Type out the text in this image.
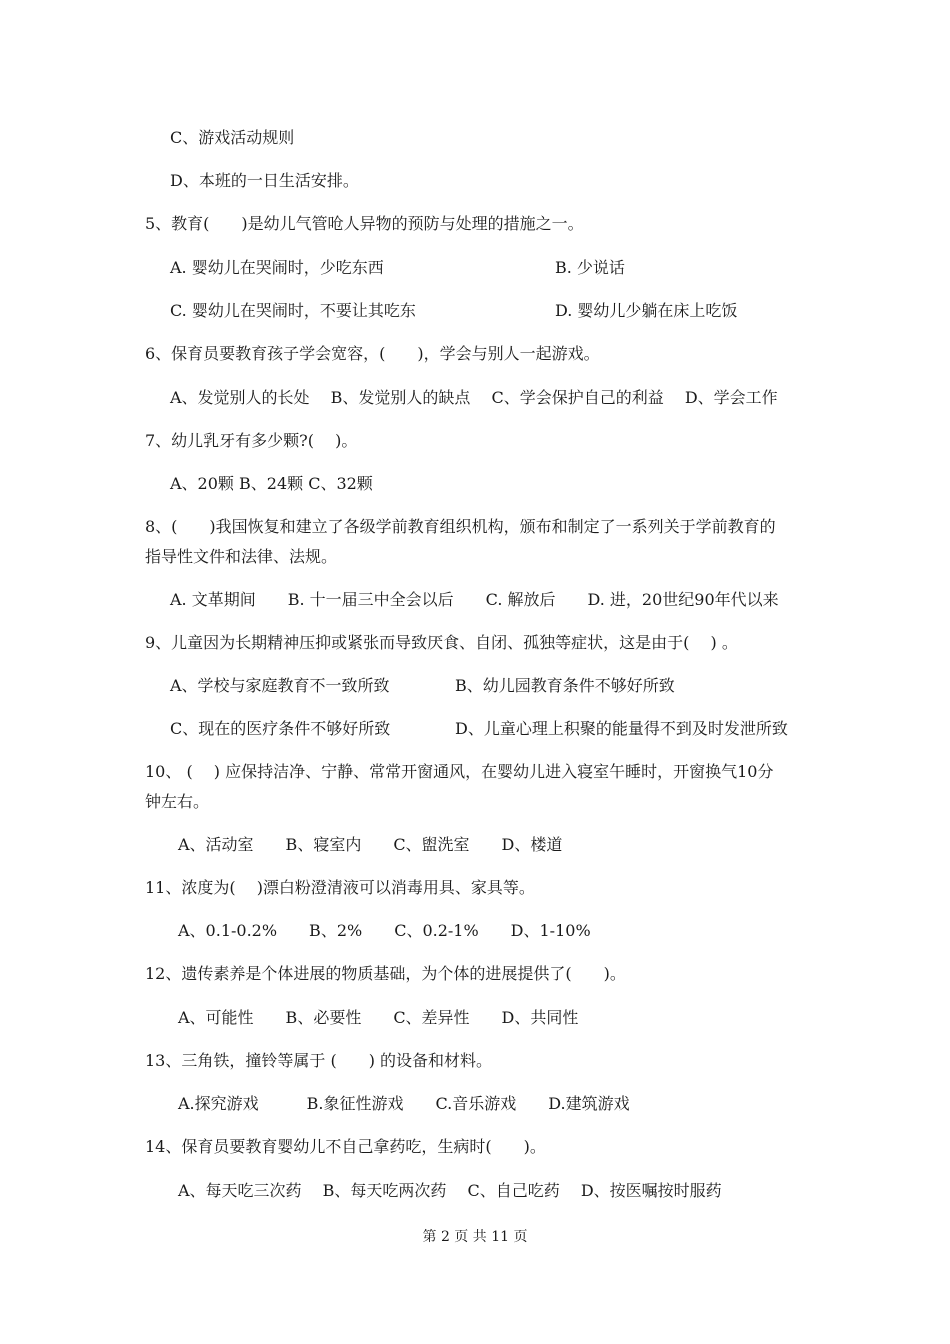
C、游戏活动规则
D、本班的一日生活安排。
5、教育(　　)是幼儿气管呛人异物的预防与处理的措施之一。
A. 婴幼儿在哭闹时，少吃东西	B. 少说话
C. 婴幼儿在哭闹时，不要让其吃东	D. 婴幼儿少躺在床上吃饭
6、保育员要教育孩子学会宽容，(　　)，学会与别人一起游戏。
A、发觉别人的长处　 B、发觉别人的缺点　 C、学会保护自己的利益　 D、学会工作
7、幼儿乳牙有多少颗?(　 )。
A、20颗 B、24颗 C、32颗
8、(　　)我国恢复和建立了各级学前教育组织机构，颁布和制定了一系列关于学前教育的
指导性文件和法律、法规。
A. 文革期间　　B. 十一届三中全会以后　　C. 解放后　　D. 进，20世纪90年代以来
9、儿童因为长期精神压抑或紧张而导致厌食、自闭、孤独等症状，这是由于(　 ) 。
A、学校与家庭教育不一致所致	B、幼儿园教育条件不够好所致
C、现在的医疗条件不够好所致	D、儿童心理上积聚的能量得不到及时发泄所致
10、 (　 ) 应保持洁净、宁静、常常开窗通风，在婴幼儿进入寝室午睡时，开窗换气10分
钟左右。
A、活动室　　B、寝室内　　C、盥洗室　　D、楼道
11、浓度为(　 )漂白粉澄清液可以消毒用具、家具等。
A、0.1-0.2%　　B、2%　　C、0.2-1%　　D、1-10%
12、遗传素养是个体进展的物质基础，为个体的进展提供了(　　)。
A、可能性　　B、必要性　　C、差异性　　D、共同性
13、三角铁，撞铃等属于 (　　) 的设备和材料。
A.探究游戏　　　B.象征性游戏　　C.音乐游戏　　D.建筑游戏
14、保育员要教育婴幼儿不自己拿药吃，生病时(　　)。
A、每天吃三次药　 B、每天吃两次药　 C、自己吃药　 D、按医嘱按时服药
第 2 页 共 11 页
